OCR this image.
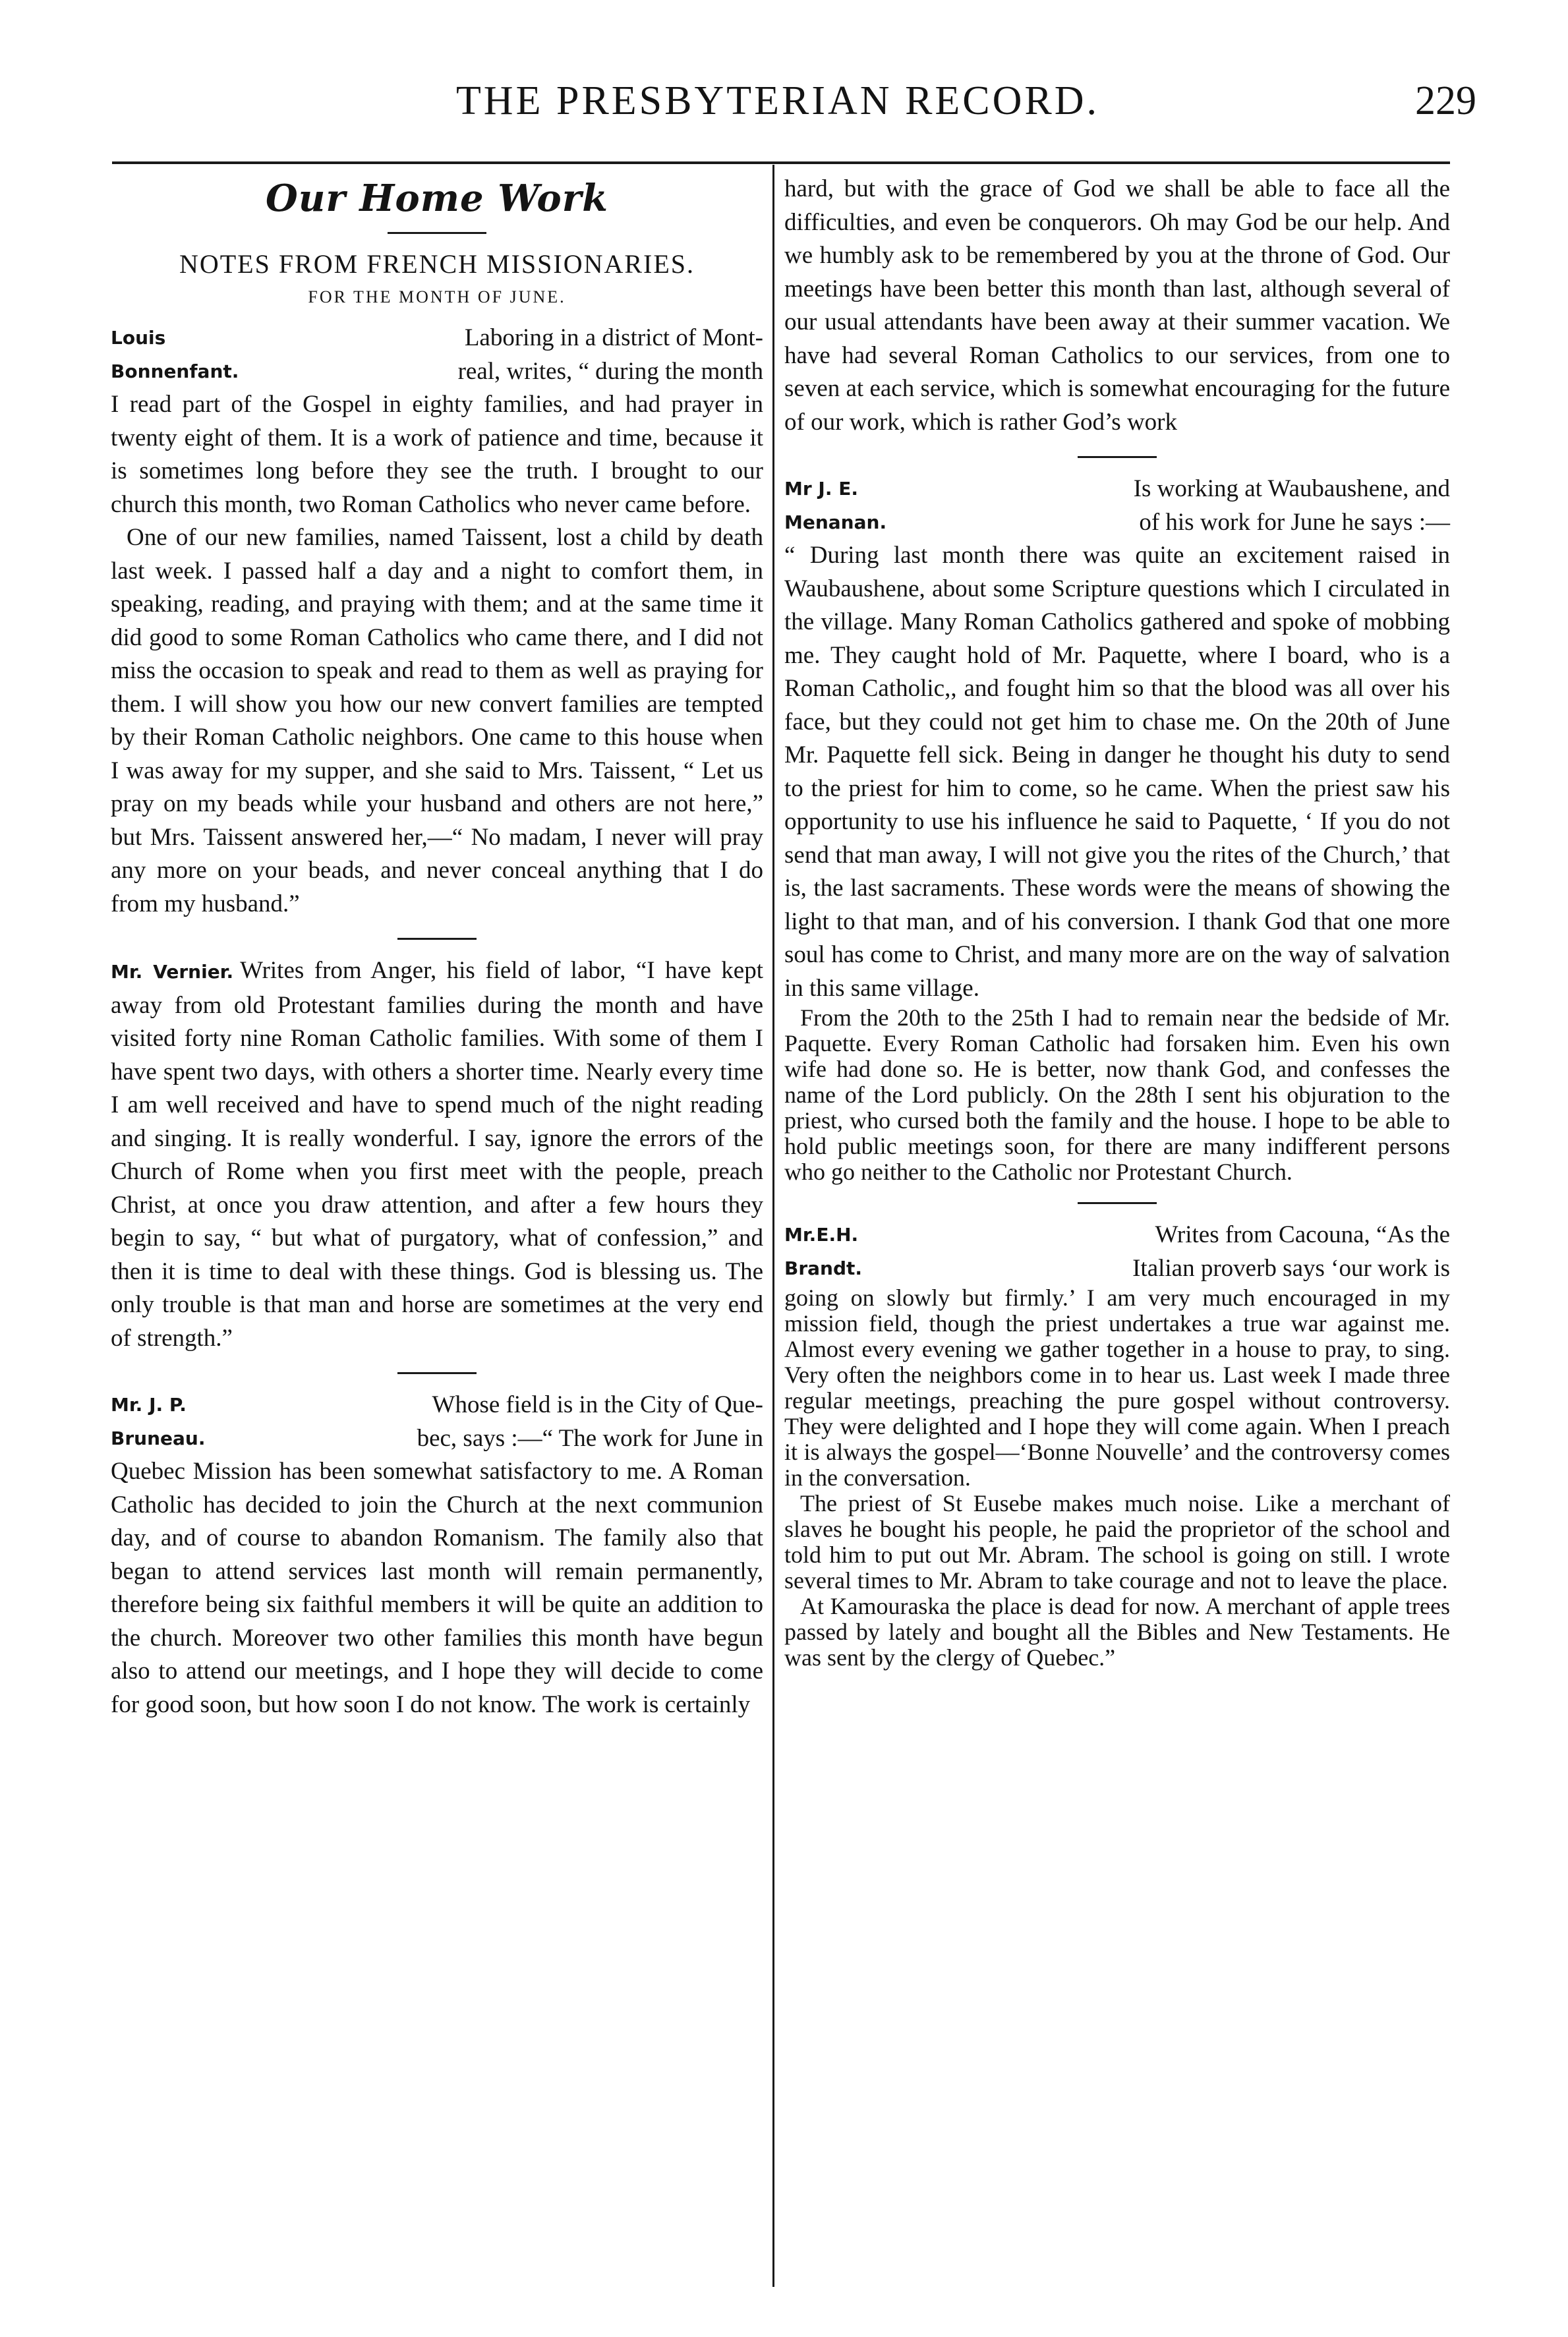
THE PRESBYTERIAN RECORD.	229
Our Home Work
NOTES FROM FRENCH MISSIONARIES.
FOR THE MONTH OF JUNE.
Louis
Bonnenfant.
Laboring in a district of Mont-
real, writes, “ during the month

I read part of the Gospel in eighty families, and had prayer in twenty eight of them. It is a work of patience and time, because it is sometimes long before they see the truth. I brought to our church this month, two Roman Catholics who never came before.

One of our new families, named Taissent, lost a child by death last week. I passed half a day and a night to comfort them, in speaking, reading, and praying with them; and at the same time it did good to some Roman Catholics who came there, and I did not miss the occasion to speak and read to them as well as praying for them. I will show you how our new convert families are tempted by their Roman Catholic neighbors. One came to this house when I was away for my supper, and she said to Mrs. Taissent, “ Let us pray on my beads while your husband and others are not here,” but Mrs. Taissent answered her,—“ No madam, I never will pray any more on your beads, and never conceal anything that I do from my husband.”

Mr. Vernier. Writes from Anger, his field of labor, “I have kept away from old Protestant families during the month and have visited forty nine Roman Catholic families. With some of them I have spent two days, with others a shorter time. Nearly every time I am well received and have to spend much of the night reading and singing. It is really wonderful. I say, ignore the errors of the Church of Rome when you first meet with the people, preach Christ, at once you draw attention, and after a few hours they begin to say, “ but what of purgatory, what of confession,” and then it is time to deal with these things. God is blessing us. The only trouble is that man and horse are sometimes at the very end of strength.”

Mr. J. P.
Bruneau.
Whose field is in the City of Que-
bec, says :—“ The work for June in

Quebec Mission has been somewhat satisfactory to me. A Roman Catholic has decided to join the Church at the next communion day, and of course to abandon Romanism. The family also that began to attend services last month will remain permanently, therefore being six faithful members it will be quite an addition to the church. Moreover two other families this month have begun also to attend our meetings, and I hope they will decide to come for good soon, but how soon I do not know. The work is certainly

hard, but with the grace of God we shall be able to face all the difficulties, and even be conquerors. Oh may God be our help. And we humbly ask to be remembered by you at the throne of God. Our meetings have been better this month than last, although several of our usual attendants have been away at their summer vacation. We have had several Roman Catholics to our services, from one to seven at each service, which is somewhat encouraging for the future of our work, which is rather God’s work

Mr J. E.
Menanan.
Is working at Waubaushene, and
of his work for June he says :—

“ During last month there was quite an excitement raised in Waubaushene, about some Scripture questions which I circulated in the village. Many Roman Catholics gathered and spoke of mobbing me. They caught hold of Mr. Paquette, where I board, who is a Roman Catholic,, and fought him so that the blood was all over his face, but they could not get him to chase me. On the 20th of June Mr. Paquette fell sick. Being in danger he thought his duty to send to the priest for him to come, so he came. When the priest saw his opportunity to use his influence he said to Paquette, ‘ If you do not send that man away, I will not give you the rites of the Church,’ that is, the last sacraments. These words were the means of showing the light to that man, and of his conversion. I thank God that one more soul has come to Christ, and many more are on the way of salvation in this same village.

From the 20th to the 25th I had to remain near the bedside of Mr. Paquette. Every Roman Catholic had forsaken him. Even his own wife had done so. He is better, now thank God, and confesses the name of the Lord publicly. On the 28th I sent his objuration to the priest, who cursed both the family and the house. I hope to be able to hold public meetings soon, for there are many indifferent persons who go neither to the Catholic nor Protestant Church.

Mr.E.H.
Brandt.
Writes from Cacouna, “As the
Italian proverb says ‘our work is

going on slowly but firmly.’ I am very much encouraged in my mission field, though the priest undertakes a true war against me. Almost every evening we gather together in a house to pray, to sing. Very often the neighbors come in to hear us. Last week I made three regular meetings, preaching the pure gospel without controversy. They were delighted and I hope they will come again. When I preach it is always the gospel—‘Bonne Nouvelle’ and the controversy comes in the conversation.

The priest of St Eusebe makes much noise. Like a merchant of slaves he bought his people, he paid the proprietor of the school and told him to put out Mr. Abram. The school is going on still. I wrote several times to Mr. Abram to take courage and not to leave the place.

At Kamouraska the place is dead for now. A merchant of apple trees passed by lately and bought all the Bibles and New Testaments. He was sent by the clergy of Quebec.”
